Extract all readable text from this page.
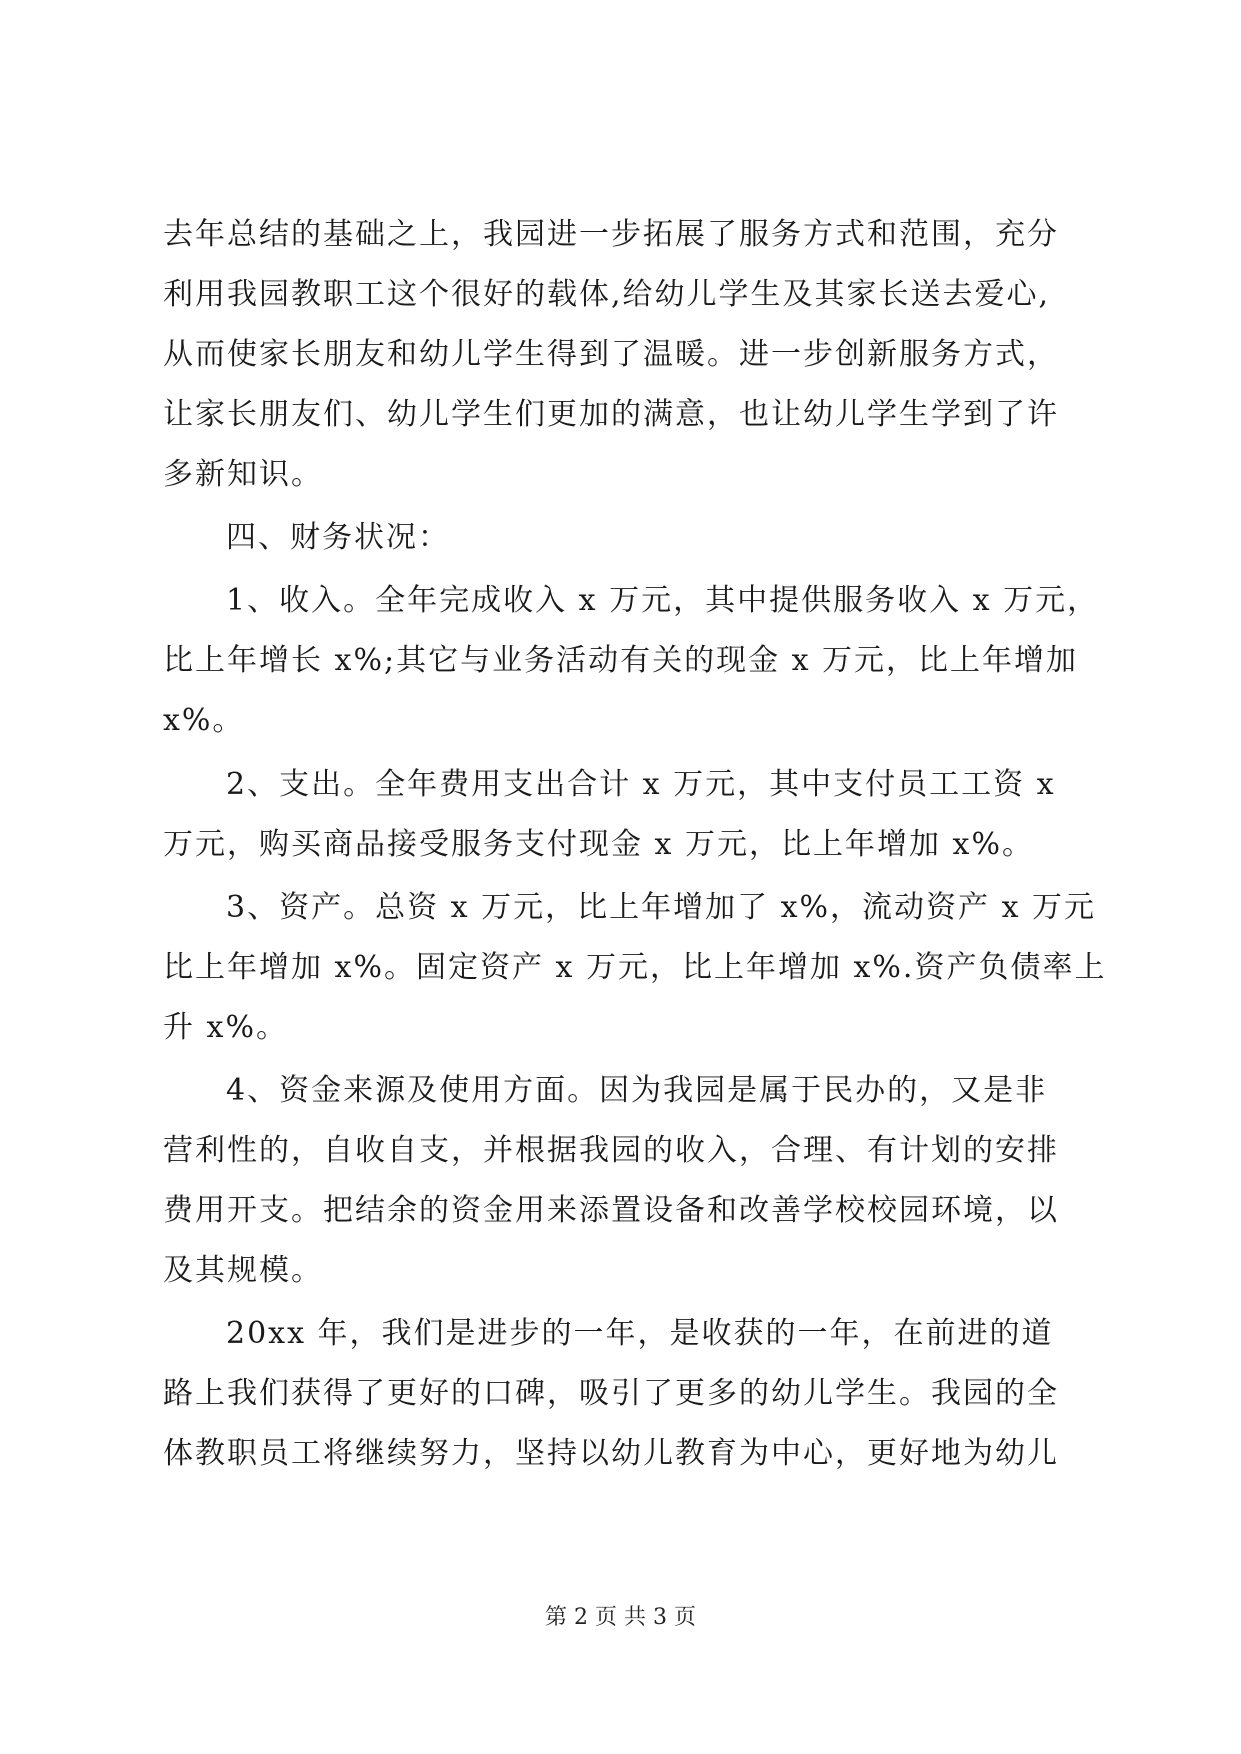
去年总结的基础之上，我园进一步拓展了服务方式和范围，充分
利用我园教职工这个很好的载体,给幼儿学生及其家长送去爱心,
从而使家长朋友和幼儿学生得到了温暖。进一步创新服务方式，
让家长朋友们、幼儿学生们更加的满意，也让幼儿学生学到了许
多新知识。
四、财务状况：
1、收入。全年完成收入 x 万元，其中提供服务收入 x 万元，
比上年增长 x%;其它与业务活动有关的现金 x 万元，比上年增加
x%。
2、支出。全年费用支出合计 x 万元，其中支付员工工资 x
万元，购买商品接受服务支付现金 x 万元，比上年增加 x%。
3、资产。总资 x 万元，比上年增加了 x%，流动资产 x 万元
比上年增加 x%。固定资产 x 万元，比上年增加 x%.资产负债率上
升 x%。
4、资金来源及使用方面。因为我园是属于民办的，又是非
营利性的，自收自支，并根据我园的收入，合理、有计划的安排
费用开支。把结余的资金用来添置设备和改善学校校园环境，以
及其规模。
20xx 年，我们是进步的一年，是收获的一年，在前进的道
路上我们获得了更好的口碑，吸引了更多的幼儿学生。我园的全
体教职员工将继续努力，坚持以幼儿教育为中心，更好地为幼儿
第 2 页 共 3 页
